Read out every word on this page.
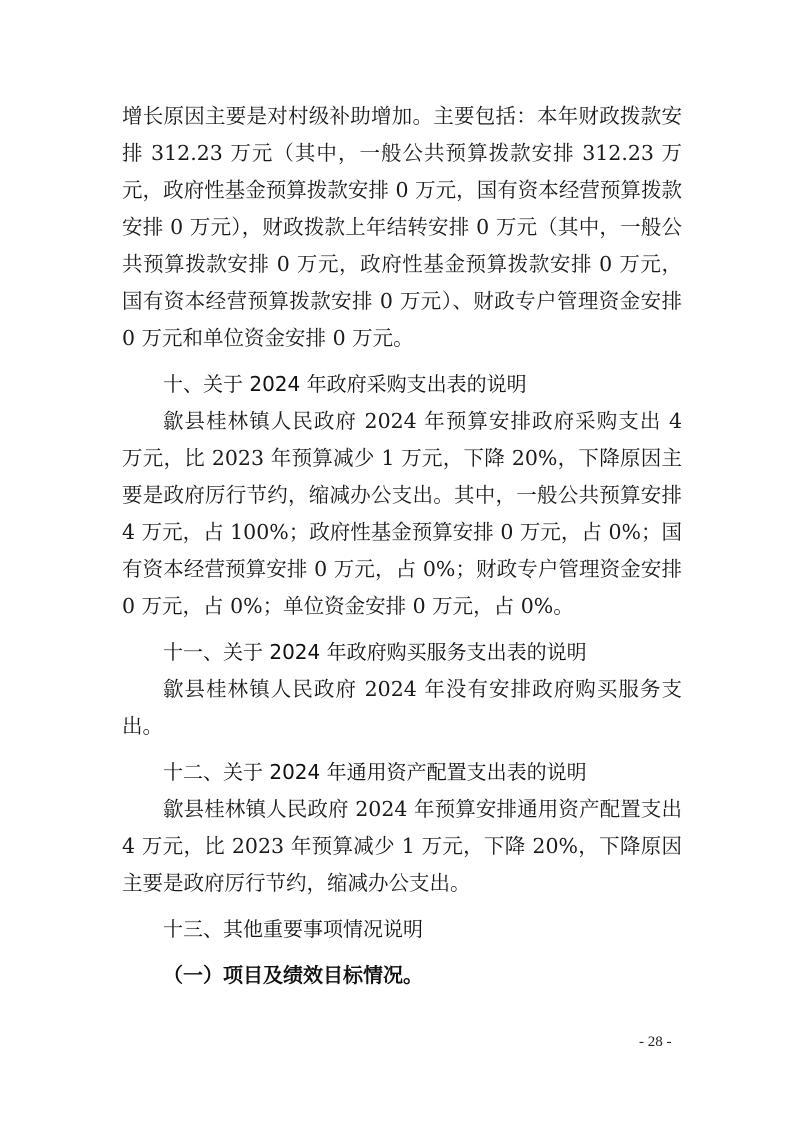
增长原因主要是对村级补助增加。主要包括：本年财政拨款安排 312.23 万元（其中，一般公共预算拨款安排 312.23 万元，政府性基金预算拨款安排 0 万元，国有资本经营预算拨款安排 0 万元），财政拨款上年结转安排 0 万元（其中，一般公共预算拨款安排 0 万元，政府性基金预算拨款安排 0 万元，国有资本经营预算拨款安排 0 万元）、财政专户管理资金安排 0 万元和单位资金安排 0 万元。

十、关于 2024 年政府采购支出表的说明

歙县桂林镇人民政府 2024 年预算安排政府采购支出 4 万元，比 2023 年预算减少 1 万元，下降 20%，下降原因主要是政府厉行节约，缩减办公支出。其中，一般公共预算安排 4 万元，占 100%；政府性基金预算安排 0 万元，占 0%；国有资本经营预算安排 0 万元，占 0%；财政专户管理资金安排 0 万元，占 0%；单位资金安排 0 万元，占 0%。

十一、关于 2024 年政府购买服务支出表的说明

歙县桂林镇人民政府 2024 年没有安排政府购买服务支出。

十二、关于 2024 年通用资产配置支出表的说明

歙县桂林镇人民政府 2024 年预算安排通用资产配置支出 4 万元，比 2023 年预算减少 1 万元，下降 20%，下降原因主要是政府厉行节约，缩减办公支出。

十三、其他重要事项情况说明

（一）项目及绩效目标情况。

- 28 -
